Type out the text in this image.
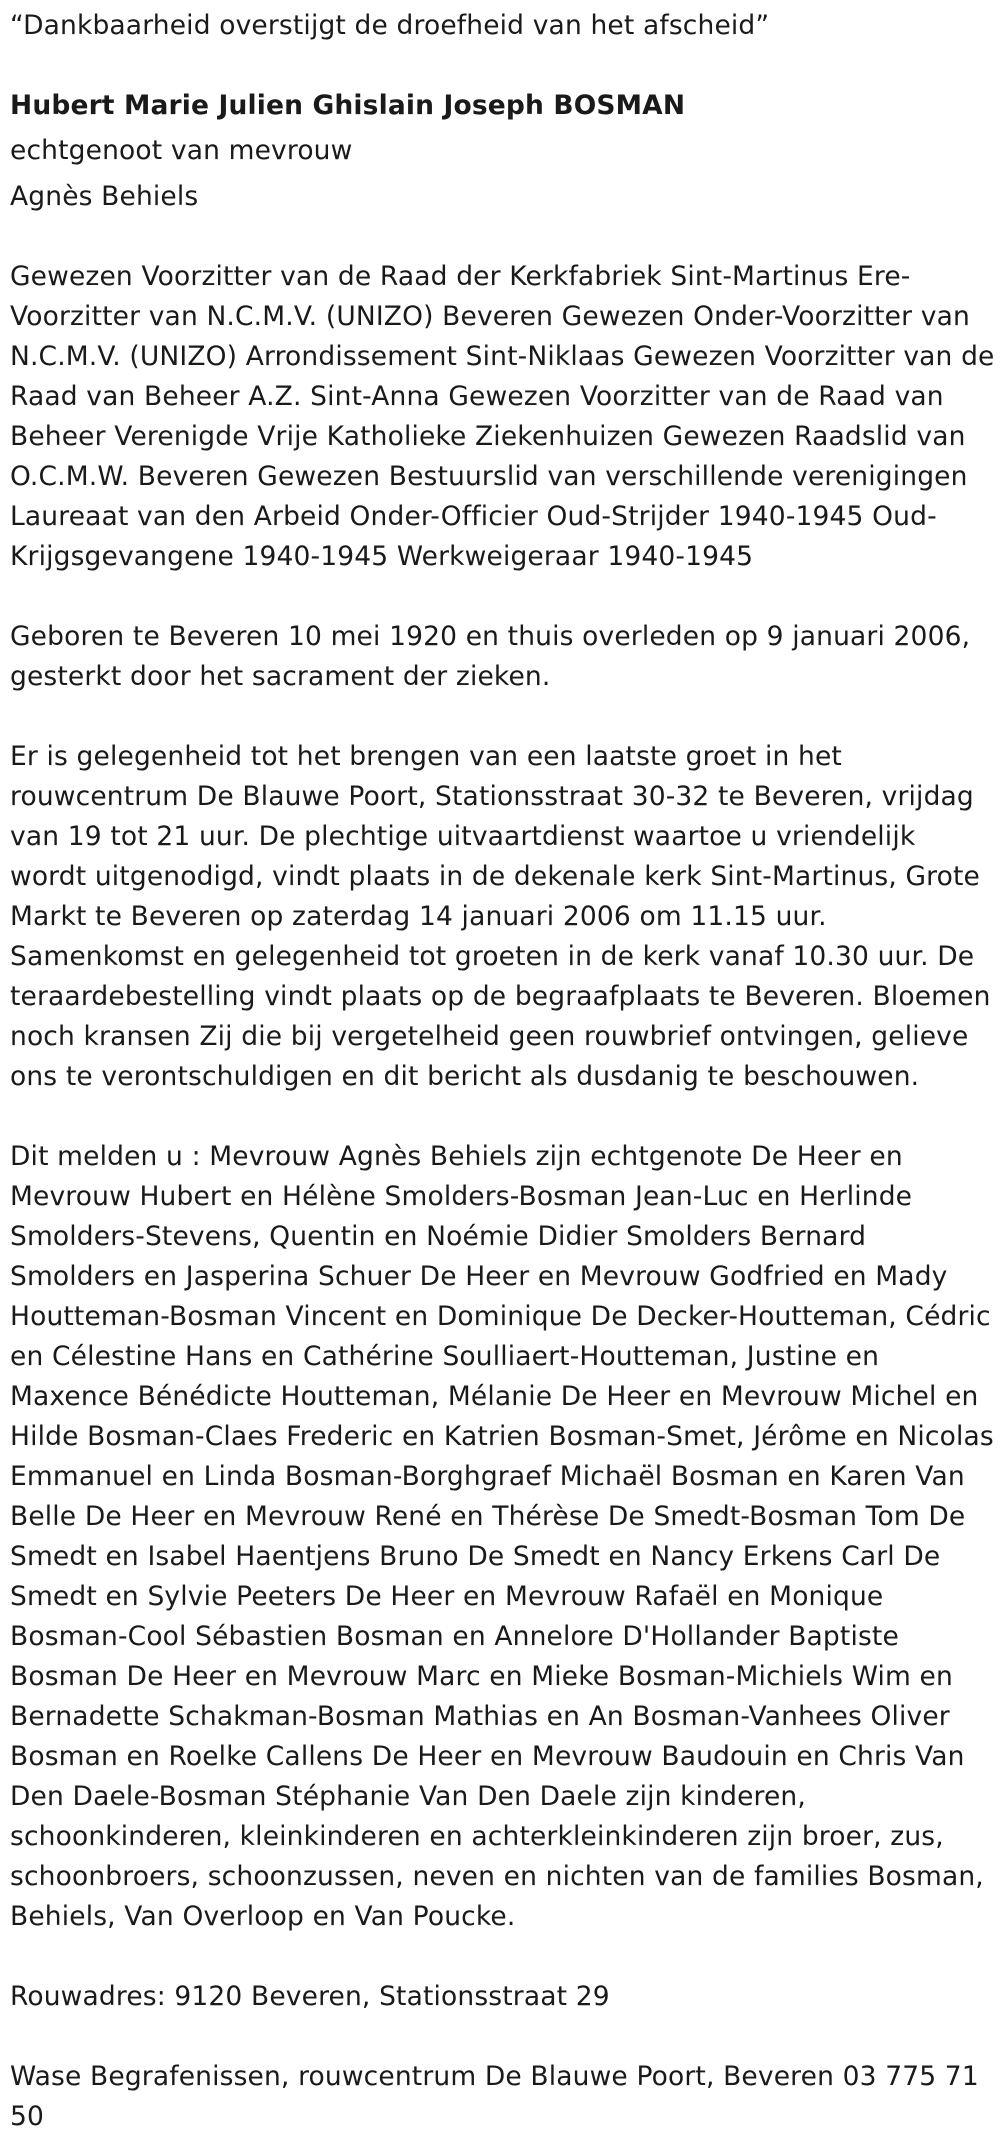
“Dankbaarheid overstijgt de droefheid van het afscheid”

Hubert Marie Julien Ghislain Joseph BOSMAN

echtgenoot van mevrouw

Agnès Behiels

Gewezen Voorzitter van de Raad der Kerkfabriek Sint-Martinus Ere-Voorzitter van N.C.M.V. (UNIZO) Beveren Gewezen Onder-Voorzitter van N.C.M.V. (UNIZO) Arrondissement Sint-Niklaas Gewezen Voorzitter van de Raad van Beheer A.Z. Sint-Anna Gewezen Voorzitter van de Raad van Beheer Verenigde Vrije Katholieke Ziekenhuizen Gewezen Raadslid van O.C.M.W. Beveren Gewezen Bestuurslid van verschillende verenigingen Laureaat van den Arbeid Onder-Officier Oud-Strijder 1940-1945 Oud-Krijgsgevangene 1940-1945 Werkweigeraar 1940-1945

Geboren te Beveren 10 mei 1920 en thuis overleden op 9 januari 2006, gesterkt door het sacrament der zieken.

Er is gelegenheid tot het brengen van een laatste groet in het rouwcentrum De Blauwe Poort, Stationsstraat 30-32 te Beveren, vrijdag van 19 tot 21 uur. De plechtige uitvaartdienst waartoe u vriendelijk wordt uitgenodigd, vindt plaats in de dekenale kerk Sint-Martinus, Grote Markt te Beveren op zaterdag 14 januari 2006 om 11.15 uur. Samenkomst en gelegenheid tot groeten in de kerk vanaf 10.30 uur. De teraardebestelling vindt plaats op de begraafplaats te Beveren. Bloemen noch kransen Zij die bij vergetelheid geen rouwbrief ontvingen, gelieve ons te verontschuldigen en dit bericht als dusdanig te beschouwen.

Dit melden u : Mevrouw Agnès Behiels zijn echtgenote De Heer en Mevrouw Hubert en Hélène Smolders-Bosman Jean-Luc en Herlinde Smolders-Stevens, Quentin en Noémie Didier Smolders Bernard Smolders en Jasperina Schuer De Heer en Mevrouw Godfried en Mady Houtteman-Bosman Vincent en Dominique De Decker-Houtteman, Cédric en Célestine Hans en Cathérine Soulliaert-Houtteman, Justine en Maxence Bénédicte Houtteman, Mélanie De Heer en Mevrouw Michel en Hilde Bosman-Claes Frederic en Katrien Bosman-Smet, Jérôme en Nicolas Emmanuel en Linda Bosman-Borghgraef Michaël Bosman en Karen Van Belle De Heer en Mevrouw René en Thérèse De Smedt-Bosman Tom De Smedt en Isabel Haentjens Bruno De Smedt en Nancy Erkens Carl De Smedt en Sylvie Peeters De Heer en Mevrouw Rafaël en Monique Bosman-Cool Sébastien Bosman en Annelore D'Hollander Baptiste Bosman De Heer en Mevrouw Marc en Mieke Bosman-Michiels Wim en Bernadette Schakman-Bosman Mathias en An Bosman-Vanhees Oliver Bosman en Roelke Callens De Heer en Mevrouw Baudouin en Chris Van Den Daele-Bosman Stéphanie Van Den Daele zijn kinderen, schoonkinderen, kleinkinderen en achterkleinkinderen zijn broer, zus, schoonbroers, schoonzussen, neven en nichten van de families Bosman, Behiels, Van Overloop en Van Poucke.

Rouwadres: 9120 Beveren, Stationsstraat 29

Wase Begrafenissen, rouwcentrum De Blauwe Poort, Beveren 03 775 71 50
